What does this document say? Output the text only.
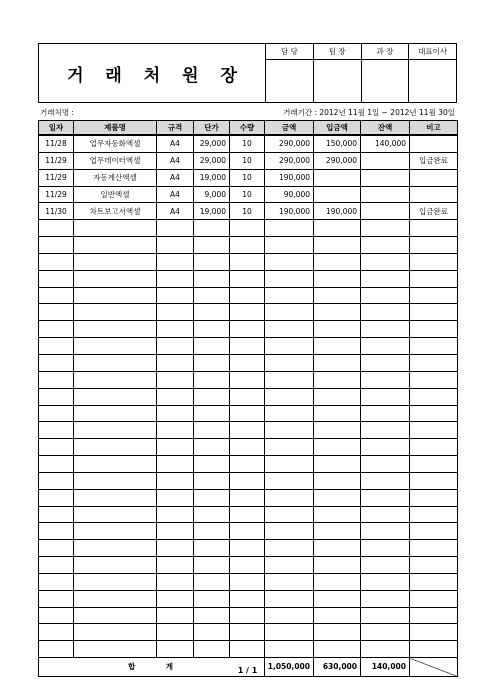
거 래 처 원 장
담 당	팀 장	과 장	대표이사

거래처명 :	거래기간 : 2012년 11월 1일 ~ 2012년 11월 30일
일자	제품명	규격	단가	수량	금액	입금액	잔액	비고
11/28	업무자동화엑셀	A4	29,000	10	290,000	150,000	140,000	
11/29	업무데이터엑셀	A4	29,000	10	290,000	290,000		입금완료
11/29	자동계산엑셀	A4	19,000	10	190,000			
11/29	일반엑셀	A4	9,000	10	90,000			
11/30	차트보고서엑셀	A4	19,000	10	190,000	190,000		입금완료

합 계					1,050,000	630,000	140,000	
1 / 1
